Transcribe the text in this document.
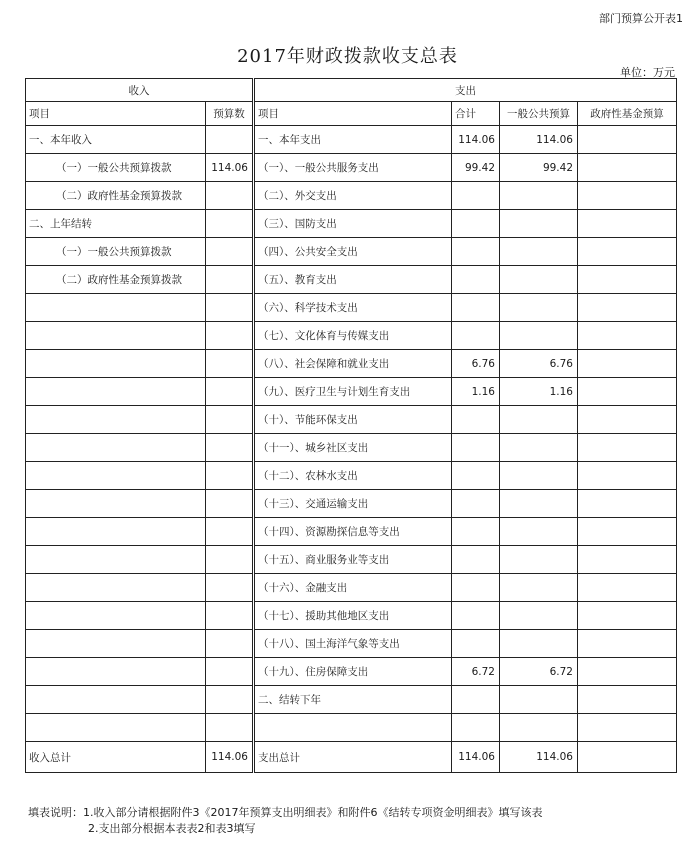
部门预算公开表1
2017年财政拨款收支总表
单位：万元
收入		支出			
项目	预算数	项目	合计	一般公共预算	政府性基金预算
一、本年收入		一、本年支出	114.06	114.06	
（一）一般公共预算拨款	114.06	（一）、一般公共服务支出	99.42	99.42	
（二）政府性基金预算拨款		（二）、外交支出			
二、上年结转		（三）、国防支出			
（一）一般公共预算拨款		（四）、公共安全支出			
（二）政府性基金预算拨款		（五）、教育支出			
		（六）、科学技术支出			
		（七）、文化体育与传媒支出			
		（八）、社会保障和就业支出	6.76	6.76	
		（九）、医疗卫生与计划生育支出	1.16	1.16	
		（十）、节能环保支出			
		（十一）、城乡社区支出			
		（十二）、农林水支出			
		（十三）、交通运输支出			
		（十四）、资源勘探信息等支出			
		（十五）、商业服务业等支出			
		（十六）、金融支出			
		（十七）、援助其他地区支出			
		（十八）、国土海洋气象等支出			
		（十九）、住房保障支出	6.72	6.72	
		二、结转下年			

收入总计	114.06	支出总计	114.06	114.06	
填表说明：1.收入部分请根据附件3《2017年预算支出明细表》和附件6《结转专项资金明细表》填写该表
2.支出部分根据本表表2和表3填写
